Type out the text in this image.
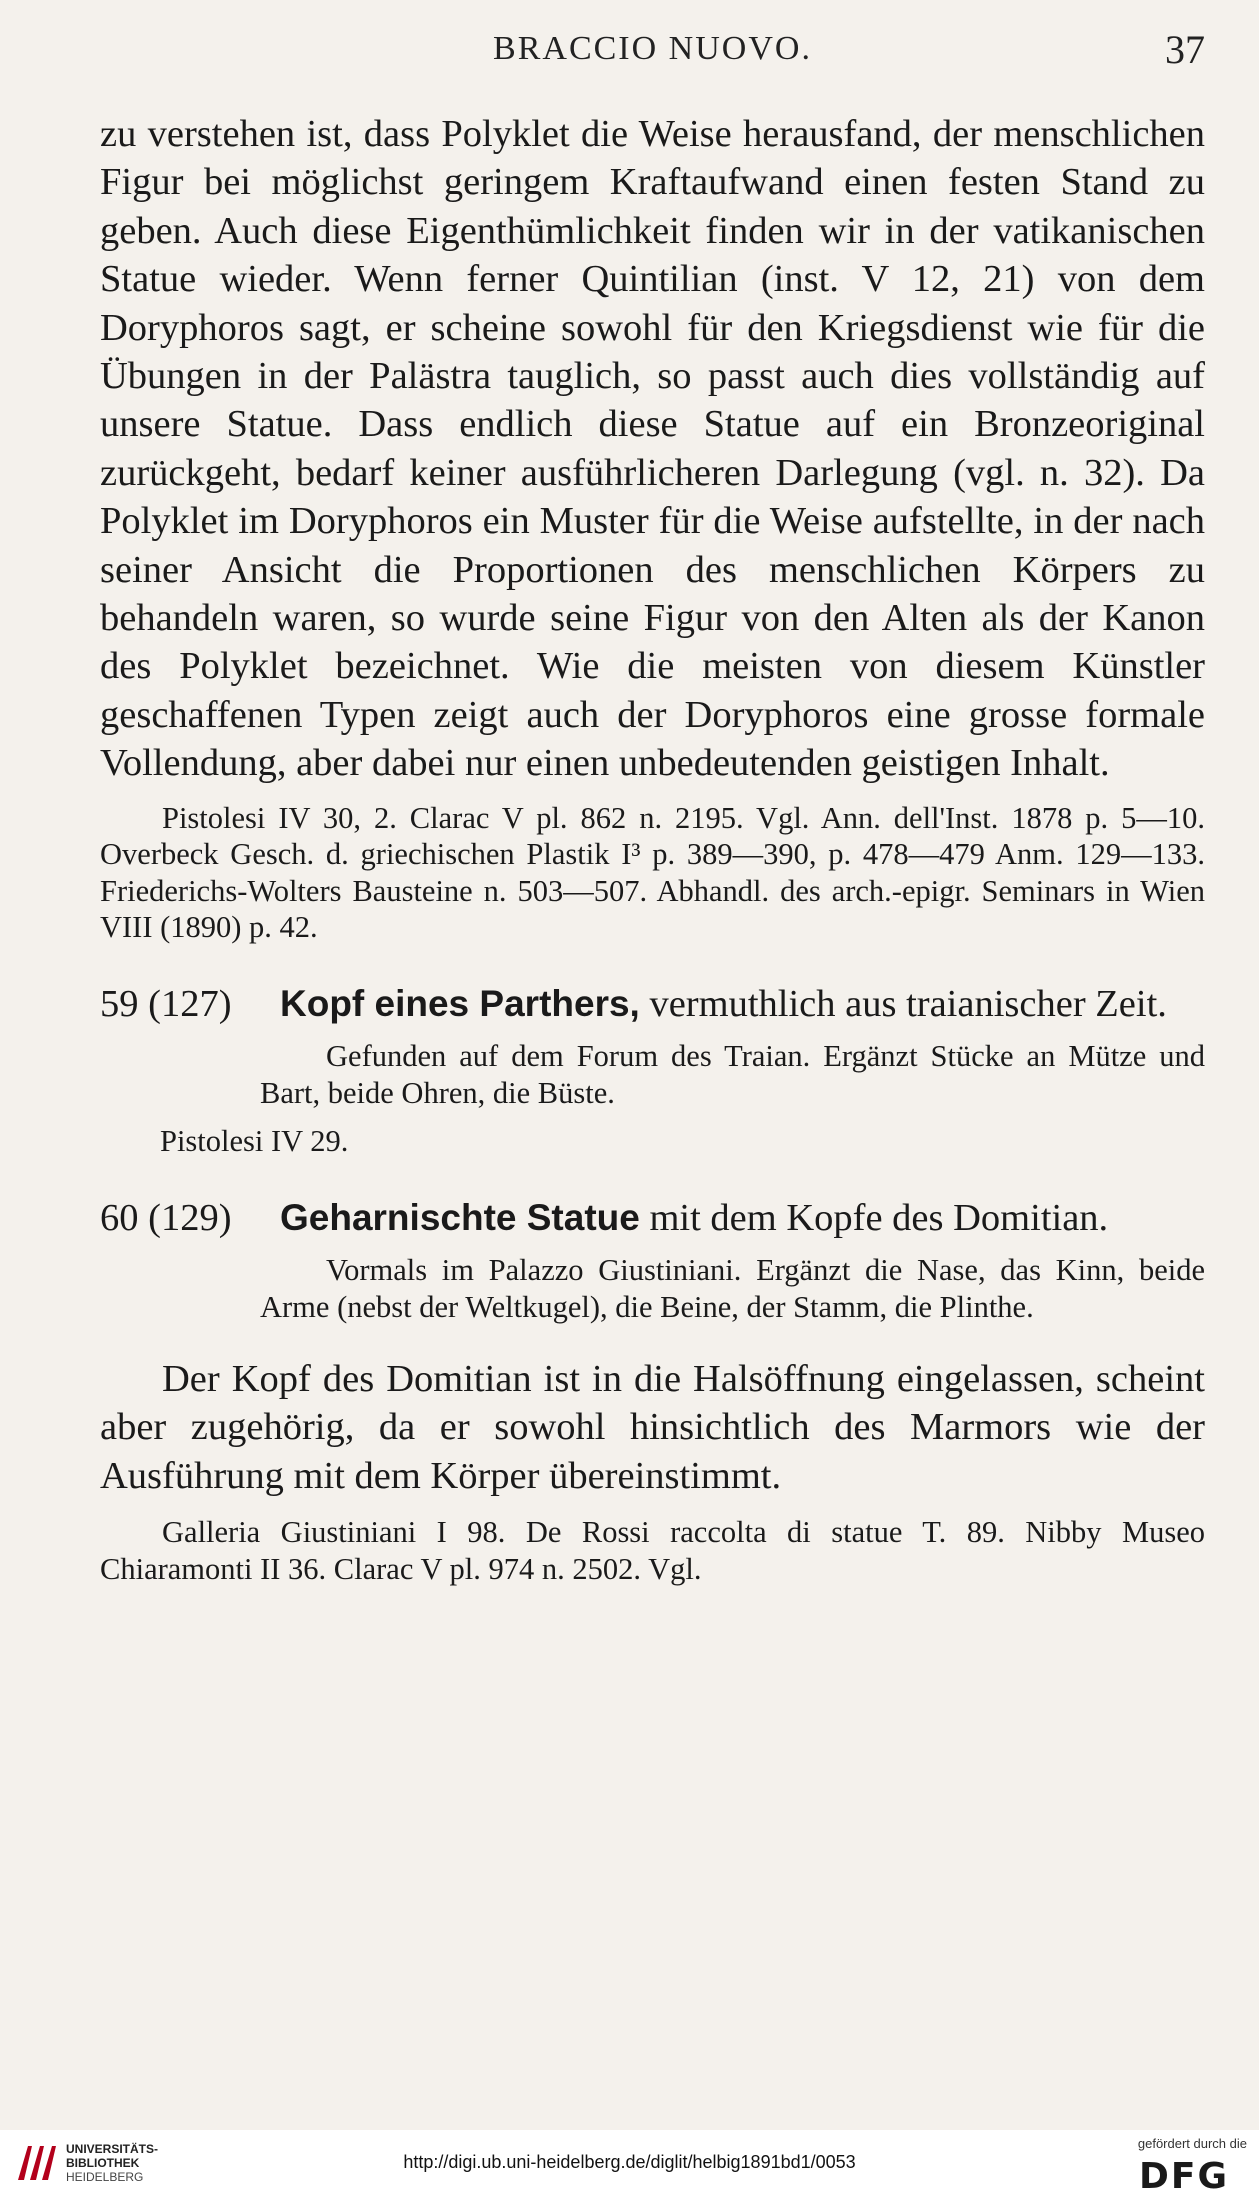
BRACCIO NUOVO.	37

zu verstehen ist, dass Polyklet die Weise herausfand, der menschlichen Figur bei möglichst geringem Kraftaufwand einen festen Stand zu geben. Auch diese Eigenthümlichkeit finden wir in der vatikanischen Statue wieder. Wenn ferner Quintilian (inst. V 12, 21) von dem Doryphoros sagt, er scheine sowohl für den Kriegsdienst wie für die Übungen in der Palästra tauglich, so passt auch dies vollständig auf unsere Statue. Dass endlich diese Statue auf ein Bronzeoriginal zurückgeht, bedarf keiner ausführlicheren Darlegung (vgl. n. 32). Da Polyklet im Doryphoros ein Muster für die Weise aufstellte, in der nach seiner Ansicht die Proportionen des menschlichen Körpers zu behandeln waren, so wurde seine Figur von den Alten als der Kanon des Polyklet bezeichnet. Wie die meisten von diesem Künstler geschaffenen Typen zeigt auch der Doryphoros eine grosse formale Vollendung, aber dabei nur einen unbedeutenden geistigen Inhalt.

Pistolesi IV 30, 2. Clarac V pl. 862 n. 2195. Vgl. Ann. dell'Inst. 1878 p. 5—10. Overbeck Gesch. d. griechischen Plastik I³ p. 389—390, p. 478—479 Anm. 129—133. Friederichs-Wolters Bausteine n. 503—507. Abhandl. des arch.-epigr. Seminars in Wien VIII (1890) p. 42.

59 (127) Kopf eines Parthers, vermuthlich aus traianischer Zeit.

Gefunden auf dem Forum des Traian. Ergänzt Stücke an Mütze und Bart, beide Ohren, die Büste.

Pistolesi IV 29.

60 (129) Geharnischte Statue mit dem Kopfe des Domitian.

Vormals im Palazzo Giustiniani. Ergänzt die Nase, das Kinn, beide Arme (nebst der Weltkugel), die Beine, der Stamm, die Plinthe.

Der Kopf des Domitian ist in die Halsöffnung eingelassen, scheint aber zugehörig, da er sowohl hinsichtlich des Marmors wie der Ausführung mit dem Körper übereinstimmt.

Galleria Giustiniani I 98. De Rossi raccolta di statue T. 89. Nibby Museo Chiaramonti II 36. Clarac V pl. 974 n. 2502. Vgl.

UNIVERSITÄTS-
BIBLIOTHEK
HEIDELBERG
http://digi.ub.uni-heidelberg.de/diglit/helbig1891bd1/0053
gefördert durch die
DFG
